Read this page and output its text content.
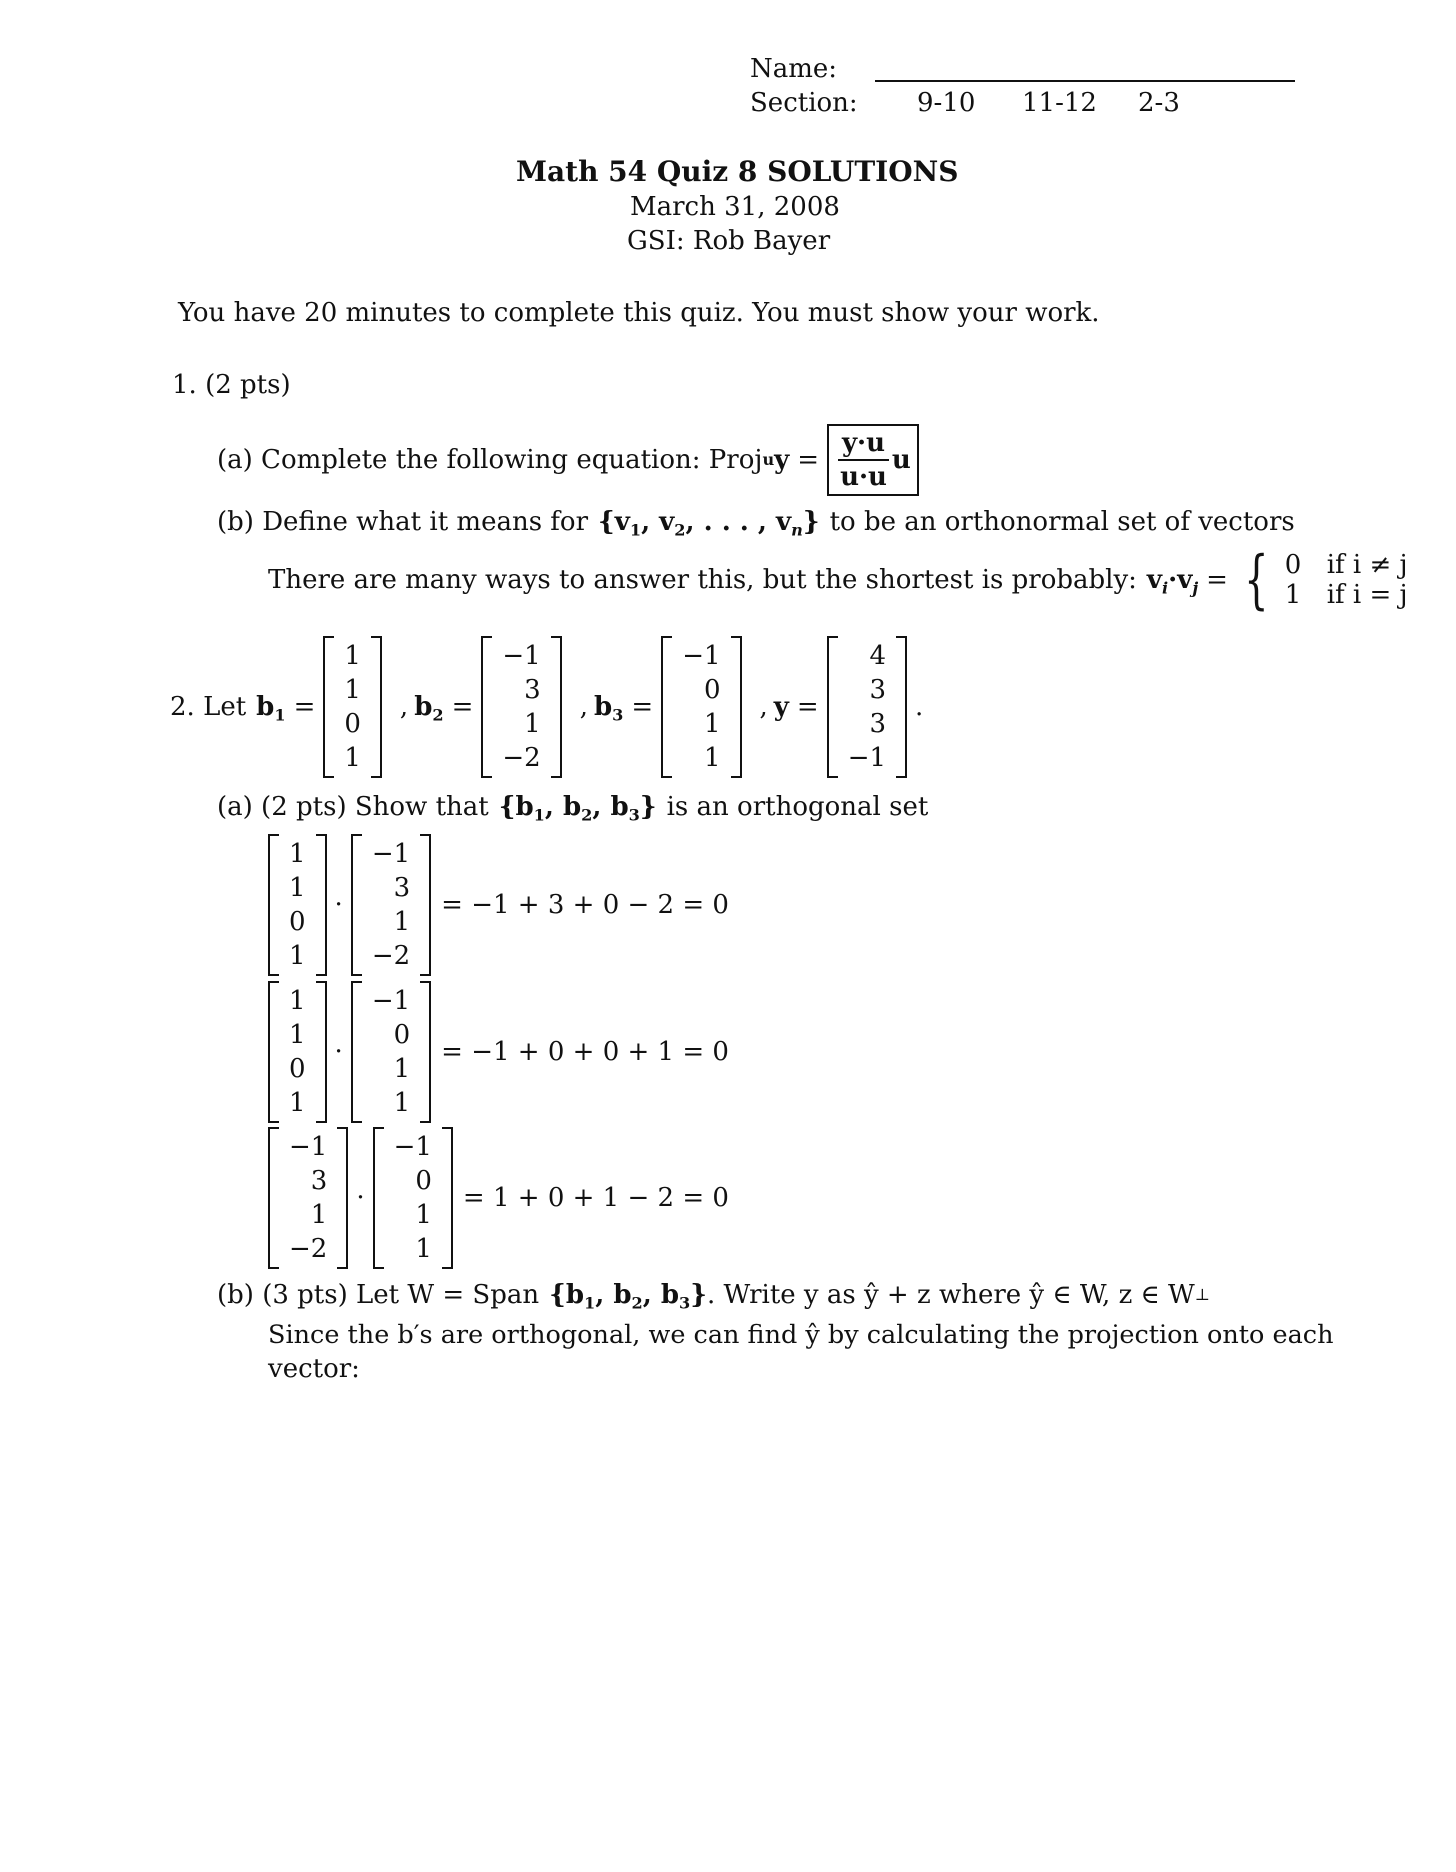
Name:
Section: 9-10 11-12 2-3
Math 54 Quiz 8 SOLUTIONS
March 31, 2008
GSI: Rob Bayer
You have 20 minutes to complete this quiz. You must show your work.
1. (2 pts)
(a) Complete the following equation: Proj u $y = \frac{y\cdot u}{u\cdot u}$ u
(b) Define what it means for {$v_1$, $v_2$, . . . , $v_n$} to be an orthonormal set of vectors
There are many ways to answer this, but the shortest is probably: $v_i\cdot v_j$ = { 0 if i ≠ j
1 if i = j
2. Let $b_1$ =
1
1
0
1
, $b_2$ =
−1
3
1
−2
, $b_3$ =
−1
0
1
1
, y =
4
3
3
−1
.
(a) (2 pts) Show that {$b_1$, $b_2$, $b_3$} is an orthogonal set
1
1
0
1
·
−1
3
1
−2
= −1 + 3 + 0 − 2 = 0
1
1
0
1
·
−1
0
1
1
= −1 + 0 + 0 + 1 = 0
−1
3
1
−2
·
−1
0
1
1
= 1 + 0 + 1 − 2 = 0
(b) (3 pts) Let W = Span {$b_1$, $b_2$, $b_3$} . Write y as ŷ + z where ŷ ∈ W, z ∈ W ⊥
Since the b′s are orthogonal, we can find ŷ by calculating the projection onto each
vector:
